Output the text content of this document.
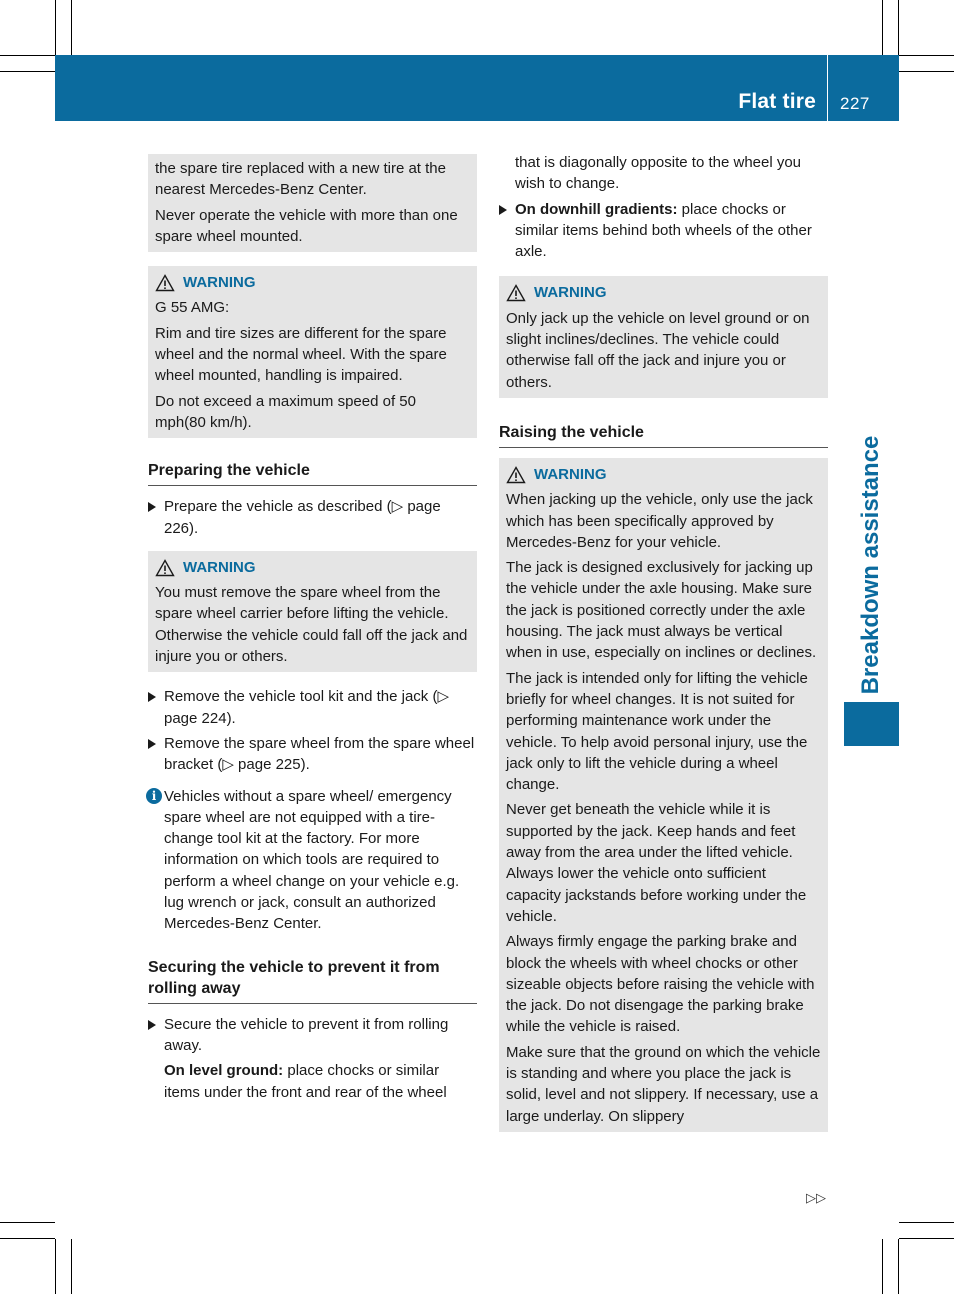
Flat tire 227
Breakdown assistance

the spare tire replaced with a new tire at the nearest Mercedes-Benz Center.

Never operate the vehicle with more than one spare wheel mounted.

WARNING

G 55 AMG:

Rim and tire sizes are different for the spare wheel and the normal wheel. With the spare wheel mounted, handling is impaired.

Do not exceed a maximum speed of 50 mph(80 km/h).

Preparing the vehicle

Prepare the vehicle as described (▷ page 226).

WARNING

You must remove the spare wheel from the spare wheel carrier before lifting the vehicle. Otherwise the vehicle could fall off the jack and injure you or others.

Remove the vehicle tool kit and the jack (▷ page 224).

Remove the spare wheel from the spare wheel bracket (▷ page 225).

i Vehicles without a spare wheel/ emergency spare wheel are not equipped with a tire-change tool kit at the factory. For more information on which tools are required to perform a wheel change on your vehicle e.g. lug wrench or jack, consult an authorized Mercedes-Benz Center.

Securing the vehicle to prevent it from rolling away

Secure the vehicle to prevent it from rolling away.

On level ground: place chocks or similar items under the front and rear of the wheel

that is diagonally opposite to the wheel you wish to change.

On downhill gradients: place chocks or similar items behind both wheels of the other axle.

WARNING

Only jack up the vehicle on level ground or on slight inclines/declines. The vehicle could otherwise fall off the jack and injure you or others.

Raising the vehicle
WARNING

When jacking up the vehicle, only use the jack which has been specifically approved by Mercedes-Benz for your vehicle.

The jack is designed exclusively for jacking up the vehicle under the axle housing. Make sure the jack is positioned correctly under the axle housing. The jack must always be vertical when in use, especially on inclines or declines.

The jack is intended only for lifting the vehicle briefly for wheel changes. It is not suited for performing maintenance work under the vehicle. To help avoid personal injury, use the jack only to lift the vehicle during a wheel change.

Never get beneath the vehicle while it is supported by the jack. Keep hands and feet away from the area under the lifted vehicle. Always lower the vehicle onto sufficient capacity jackstands before working under the vehicle.

Always firmly engage the parking brake and block the wheels with wheel chocks or other sizeable objects before raising the vehicle with the jack. Do not disengage the parking brake while the vehicle is raised.

Make sure that the ground on which the vehicle is standing and where you place the jack is solid, level and not slippery. If necessary, use a large underlay. On slippery

▷▷
